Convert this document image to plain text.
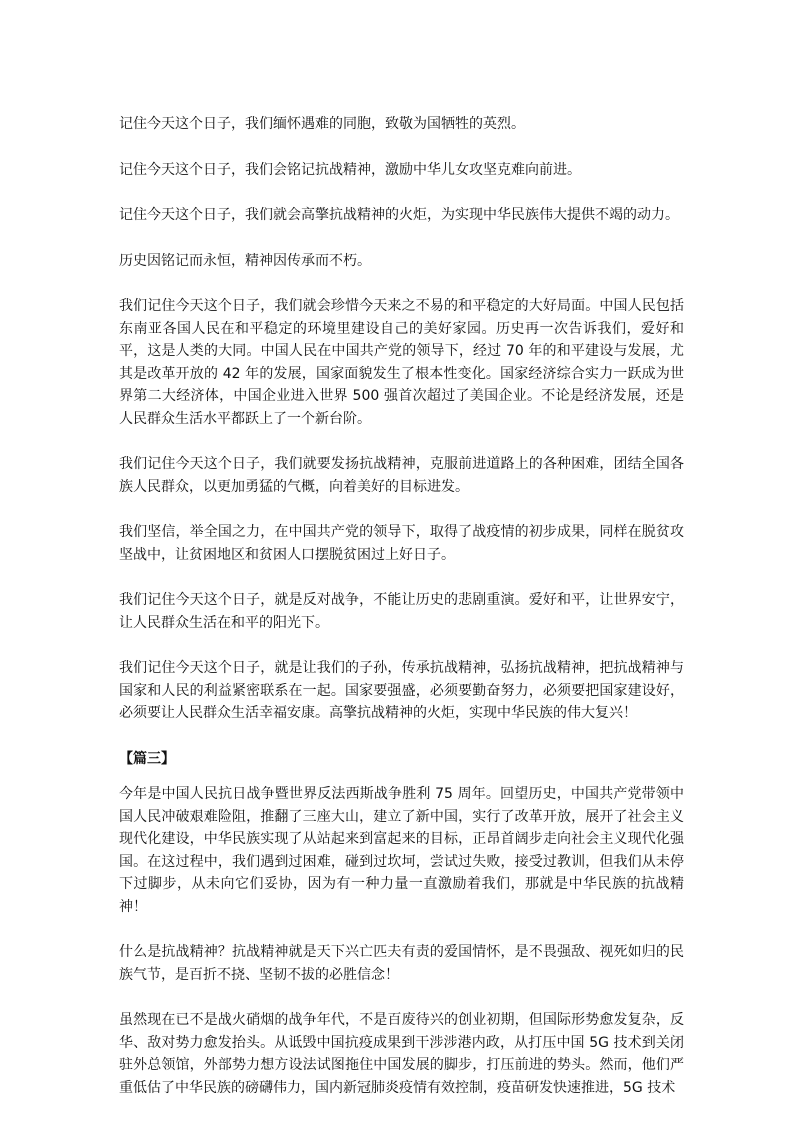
记住今天这个日子，我们缅怀遇难的同胞，致敬为国牺牲的英烈。

记住今天这个日子，我们会铭记抗战精神，激励中华儿女攻坚克难向前进。

记住今天这个日子，我们就会高擎抗战精神的火炬，为实现中华民族伟大提供不竭的动力。

历史因铭记而永恒，精神因传承而不朽。

我们记住今天这个日子，我们就会珍惜今天来之不易的和平稳定的大好局面。中国人民包括东南亚各国人民在和平稳定的环境里建设自己的美好家园。历史再一次告诉我们，爱好和平，这是人类的大同。中国人民在中国共产党的领导下，经过 70 年的和平建设与发展，尤其是改革开放的 42 年的发展，国家面貌发生了根本性变化。国家经济综合实力一跃成为世界第二大经济体，中国企业进入世界 500 强首次超过了美国企业。不论是经济发展，还是人民群众生活水平都跃上了一个新台阶。

我们记住今天这个日子，我们就要发扬抗战精神，克服前进道路上的各种困难，团结全国各族人民群众，以更加勇猛的气概，向着美好的目标进发。

我们坚信，举全国之力，在中国共产党的领导下，取得了战疫情的初步成果，同样在脱贫攻坚战中，让贫困地区和贫困人口摆脱贫困过上好日子。

我们记住今天这个日子，就是反对战争，不能让历史的悲剧重演。爱好和平，让世界安宁，让人民群众生活在和平的阳光下。

我们记住今天这个日子，就是让我们的子孙，传承抗战精神，弘扬抗战精神，把抗战精神与国家和人民的利益紧密联系在一起。国家要强盛，必须要勤奋努力，必须要把国家建设好，必须要让人民群众生活幸福安康。高擎抗战精神的火炬，实现中华民族的伟大复兴！

【篇三】

今年是中国人民抗日战争暨世界反法西斯战争胜利 75 周年。回望历史，中国共产党带领中国人民冲破艰难险阻，推翻了三座大山，建立了新中国，实行了改革开放，展开了社会主义现代化建设，中华民族实现了从站起来到富起来的目标，正昂首阔步走向社会主义现代化强国。在这过程中，我们遇到过困难，碰到过坎坷，尝试过失败，接受过教训，但我们从未停下过脚步，从未向它们妥协，因为有一种力量一直激励着我们，那就是中华民族的抗战精神！

什么是抗战精神？抗战精神就是天下兴亡匹夫有责的爱国情怀，是不畏强敌、视死如归的民族气节，是百折不挠、坚韧不拔的必胜信念！

虽然现在已不是战火硝烟的战争年代，不是百废待兴的创业初期，但国际形势愈发复杂，反华、敌对势力愈发抬头。从诋毁中国抗疫成果到干涉涉港内政，从打压中国 5G 技术到关闭驻外总领馆，外部势力想方设法试图拖住中国发展的脚步，打压前进的势头。然而，他们严重低估了中华民族的磅礴伟力，国内新冠肺炎疫情有效控制，疫苗研发快速推进，5G 技术
